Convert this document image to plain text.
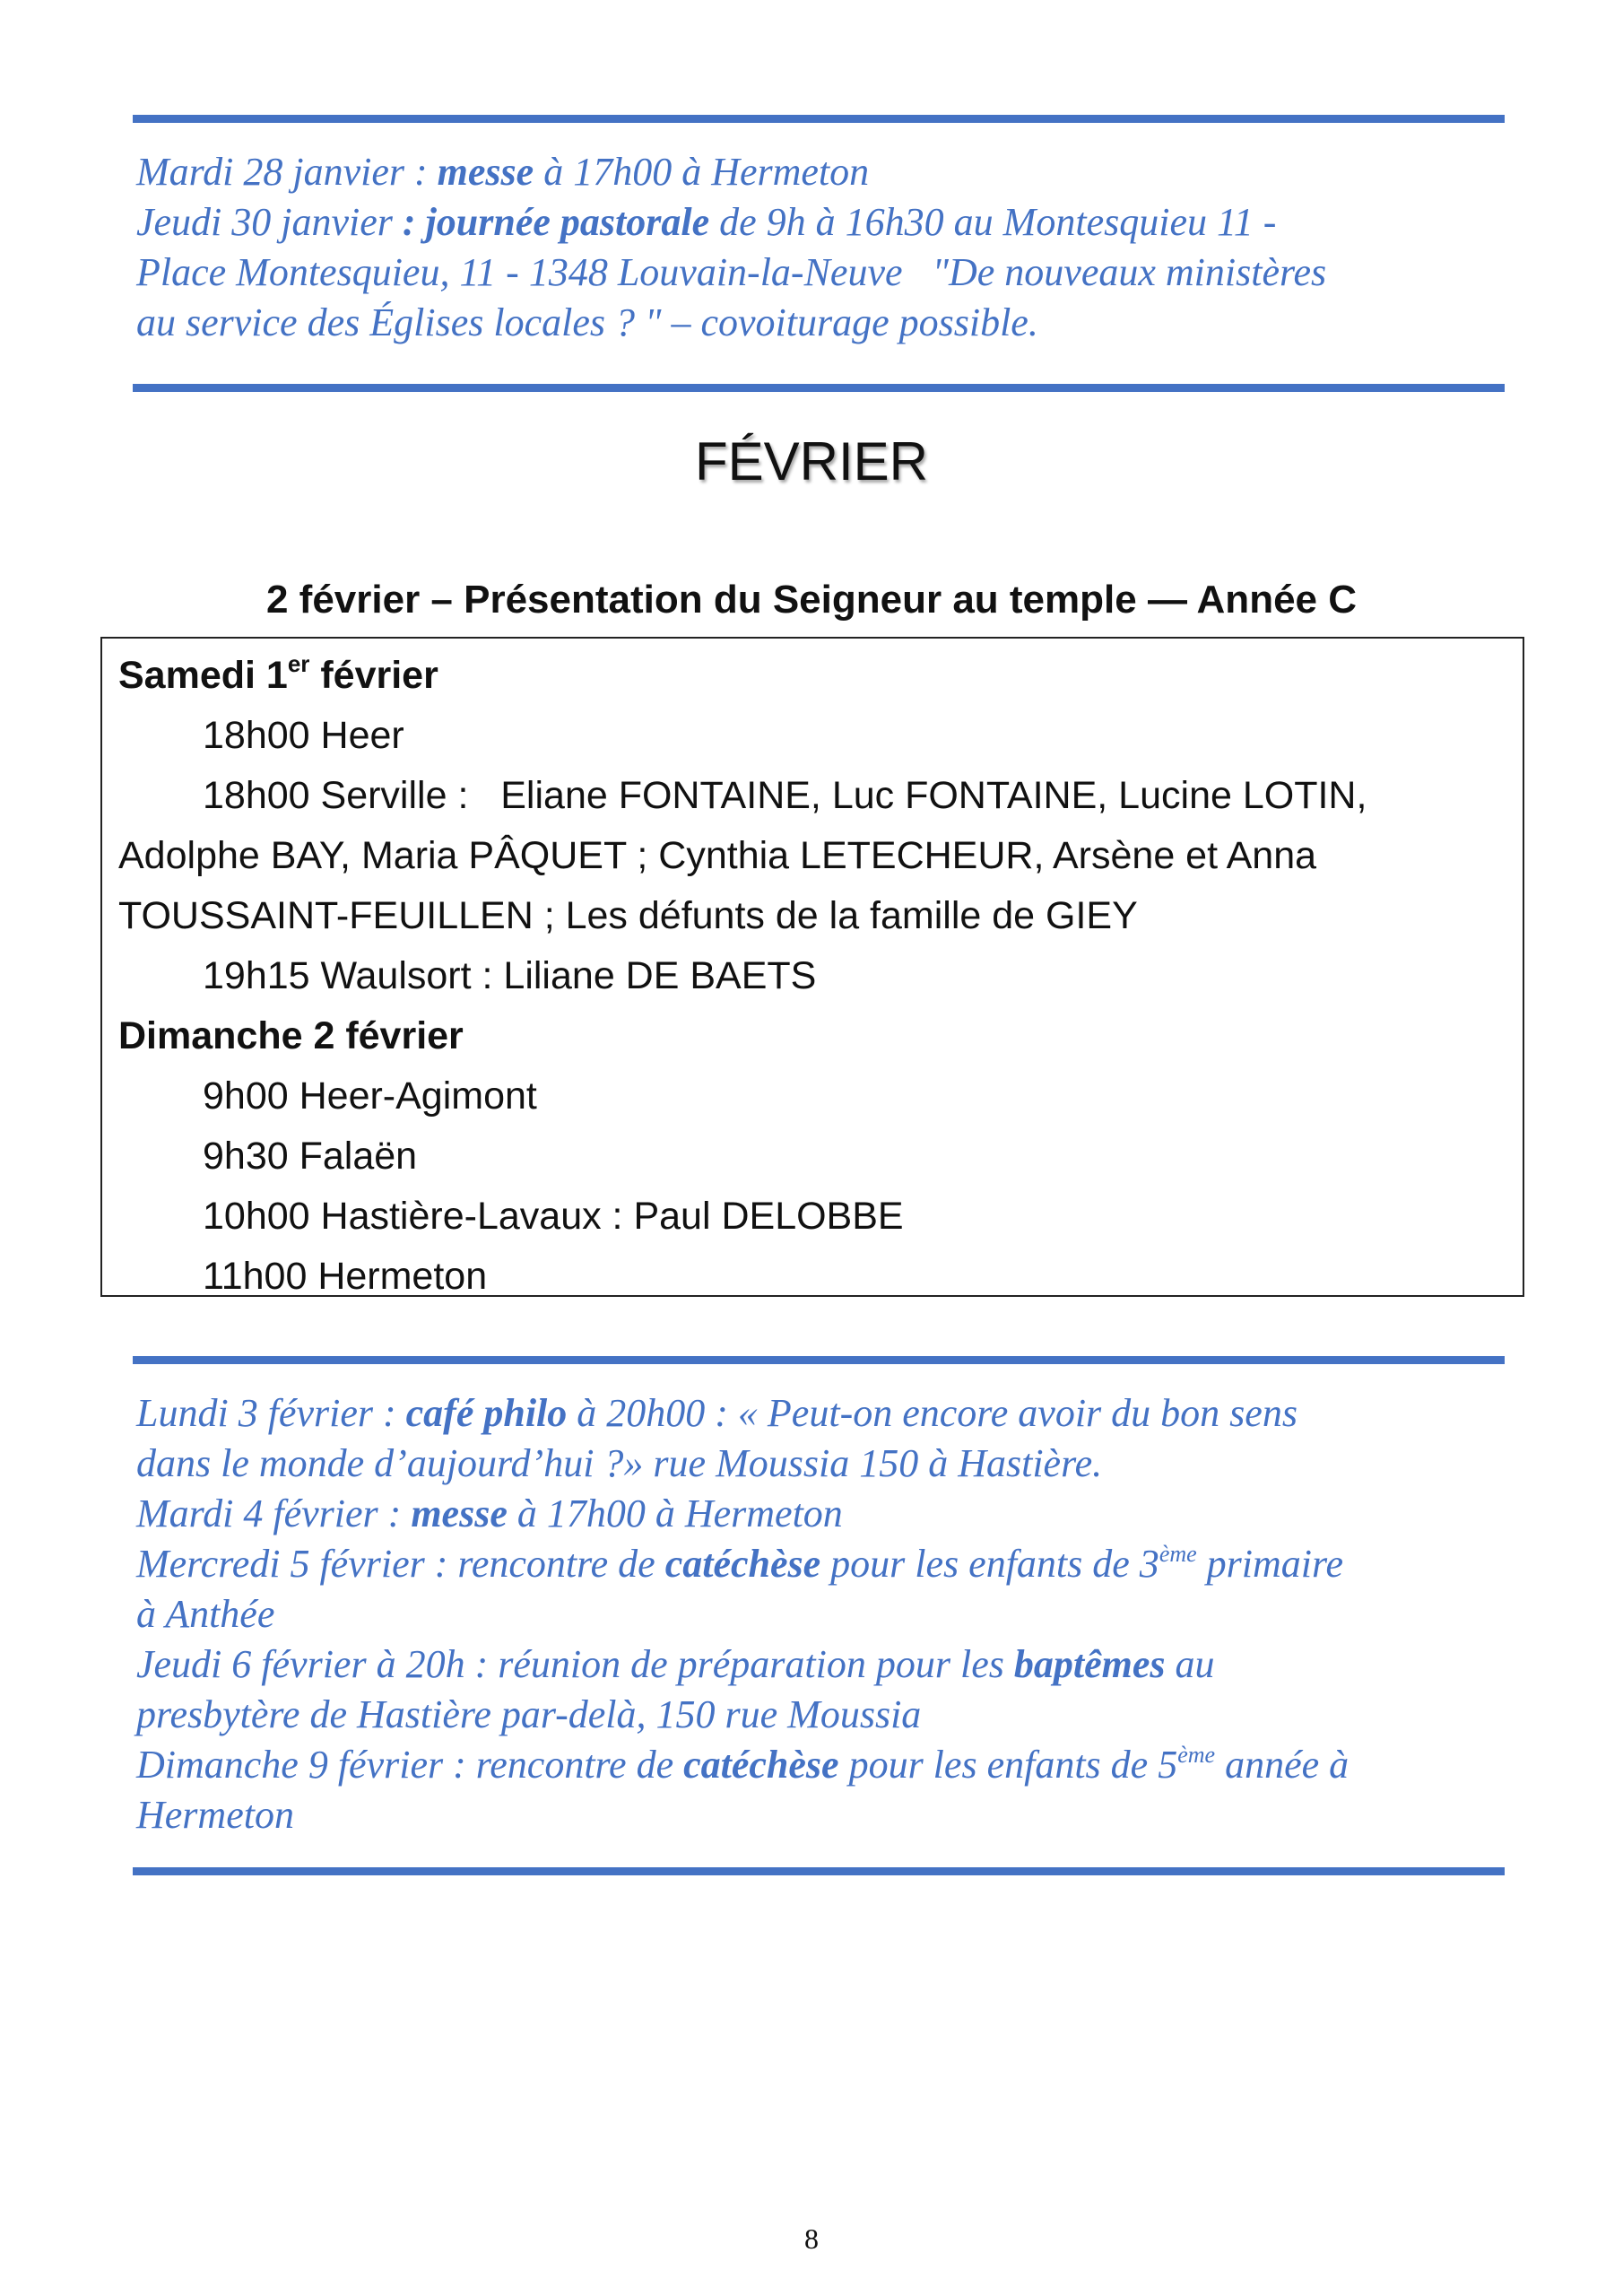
Mardi 28 janvier : messe à 17h00 à Hermeton
Jeudi 30 janvier : journée pastorale de 9h à 16h30 au Montesquieu 11 -
Place Montesquieu, 11 - 1348 Louvain-la-Neuve   "De nouveaux ministères
au service des Églises locales ? " – covoiturage possible.
FÉVRIER
2 février – Présentation du Seigneur au temple — Année C
Samedi 1er février
18h00 Heer
18h00 Serville :   Eliane FONTAINE, Luc FONTAINE, Lucine LOTIN,
Adolphe BAY, Maria PÂQUET ; Cynthia LETECHEUR, Arsène et Anna
TOUSSAINT-FEUILLEN ; Les défunts de la famille de GIEY
19h15 Waulsort : Liliane DE BAETS
Dimanche 2 février
9h00 Heer-Agimont
9h30 Falaën
10h00 Hastière-Lavaux : Paul DELOBBE
11h00 Hermeton
Lundi 3 février : café philo à 20h00 : « Peut-on encore avoir du bon sens
dans le monde d’aujourd’hui ?» rue Moussia 150 à Hastière.
Mardi 4 février : messe à 17h00 à Hermeton
Mercredi 5 février : rencontre de catéchèse pour les enfants de 3ème primaire
à Anthée
Jeudi 6 février à 20h : réunion de préparation pour les baptêmes au
presbytère de Hastière par-delà, 150 rue Moussia
Dimanche 9 février : rencontre de catéchèse pour les enfants de 5ème année à
Hermeton
8
